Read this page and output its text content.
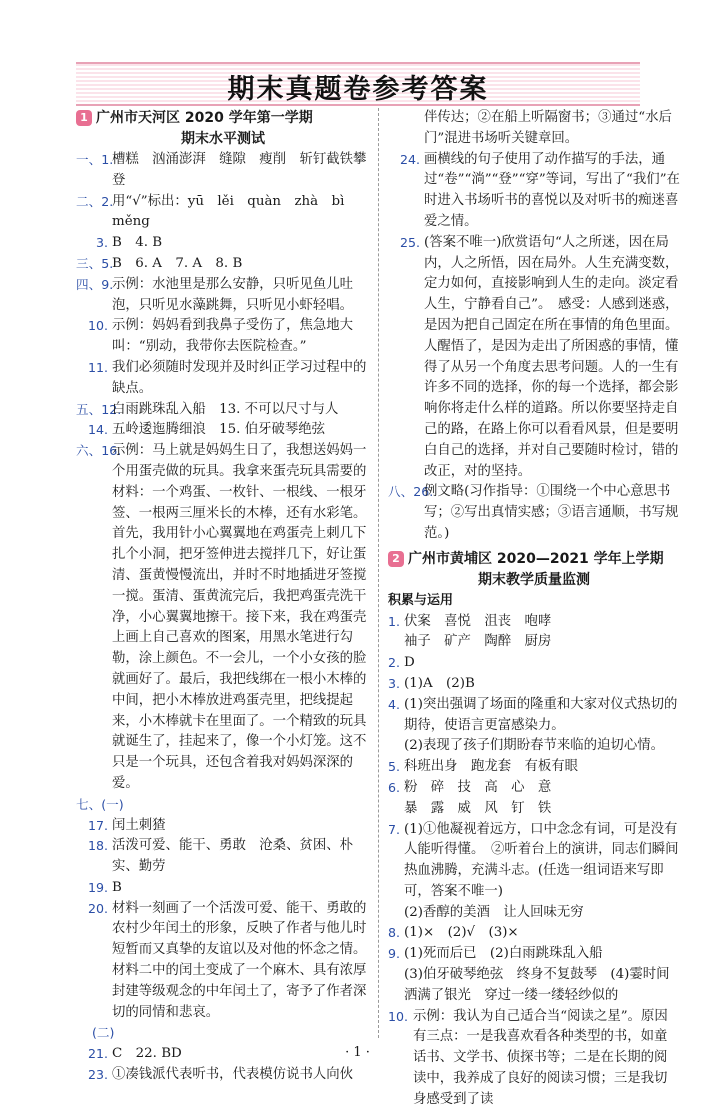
期末真题卷参考答案
1 广州市天河区 2020 学年第一学期
期末水平测试
一、1.
槽糕　汹涌澎湃　缝隙　瘦削　斩钉截铁攀登
二、2.
用“√”标出：yū　lěi　quàn　zhà　bì　měng
3. B　4. B
三、5.
B　6. A　7. A　8. B
四、9.
示例：水池里是那么安静，只听见鱼儿吐泡，只听见水藻跳舞，只听见小虾轻唱。
10. 示例：妈妈看到我鼻子受伤了，焦急地大叫：“别动，我带你去医院检查。”
11. 我们必须随时发现并及时纠正学习过程中的缺点。
五、12.
白雨跳珠乱入船　13. 不可以尺寸与人
14. 五岭逶迤腾细浪　15. 伯牙破琴绝弦
六、16.
示例：马上就是妈妈生日了，我想送妈妈一个用蛋壳做的玩具。我拿来蛋壳玩具需要的材料：一个鸡蛋、一枚针、一根线、一根牙签、一根两三厘米长的木棒，还有水彩笔。首先，我用针小心翼翼地在鸡蛋壳上刺几下扎个小洞，把牙签伸进去搅拌几下，好让蛋清、蛋黄慢慢流出，并时不时地插进牙签搅一搅。蛋清、蛋黄流完后，我把鸡蛋壳洗干净，小心翼翼地擦干。接下来，我在鸡蛋壳上画上自己喜欢的图案，用黑水笔进行勾勒，涂上颜色。不一会儿，一个小女孩的脸就画好了。最后，我把线绑在一根小木棒的中间，把小木棒放进鸡蛋壳里，把线提起来，小木棒就卡在里面了。一个精致的玩具就诞生了，挂起来了，像一个小灯笼。这不只是一个玩具，还包含着我对妈妈深深的爱。
七、(一)
17. 闰土刺猹
18. 活泼可爱、能干、勇敢　沧桑、贫困、朴实、勤劳
19. B
20. 材料一刻画了一个活泼可爱、能干、勇敢的农村少年闰土的形象，反映了作者与他儿时短暂而又真挚的友谊以及对他的怀念之情。
材料二中的闰土变成了一个麻木、具有浓厚封建等级观念的中年闰土了，寄予了作者深切的同情和悲哀。
(二)
21. C　22. BD
23. ①凑钱派代表听书，代表模仿说书人向伙
伴传达；②在船上听隔窗书；③通过“水后门”混进书场听关键章回。
24. 画横线的句子使用了动作描写的手法，通过“卷”“淌”“登”“穿”等词，写出了“我们”在时进入书场听书的喜悦以及对听书的痴迷喜爱之情。
25. (答案不唯一)欣赏语句“人之所迷，因在局内，人之所悟，因在局外。人生充满变数，定力如何，直接影响到人生的走向。淡定看人生，宁静看自己”。　感受：人感到迷惑，是因为把自己固定在所在事情的角色里面。人醒悟了，是因为走出了所困惑的事情，懂得了从另一个角度去思考问题。人的一生有许多不同的选择，你的每一个选择，都会影响你将走什么样的道路。所以你要坚持走自己的路，在路上你可以看看风景，但是要明白自己的选择，并对自己要随时检讨，错的改正，对的坚持。
八、26.
例文略(习作指导：①围绕一个中心意思书写；②写出真情实感；③语言通顺，书写规范。)
2 广州市黄埔区 2020—2021 学年上学期
期末教学质量监测
积累与运用
1. 伏案　喜悦　沮丧　咆哮
袖子　矿产　陶醉　厨房
2. D
3. (1)A　(2)B
4. (1)突出强调了场面的隆重和大家对仪式热切的期待，使语言更富感染力。
(2)表现了孩子们期盼春节来临的迫切心情。
5. 科班出身　跑龙套　有板有眼
6. 粉　碎　技　高　心　意
暴　露　威　风　钉　铁
7. (1)①他凝视着远方，口中念念有词，可是没有人能听得懂。　②听着台上的演讲，同志们瞬间热血沸腾，充满斗志。(任选一组词语来写即可，答案不唯一)
(2)香醇的美酒　让人回味无穷
8. (1)×　(2)√　(3)×
9. (1)死而后已　(2)白雨跳珠乱入船
(3)伯牙破琴绝弦　终身不复鼓琴　(4)霎时间洒满了银光　穿过一缕一缕轻纱似的
10. 示例：我认为自己适合当“阅读之星”。原因有三点：一是我喜欢看各种类型的书，如童话书、文学书、侦探书等；二是在长期的阅读中，我养成了良好的阅读习惯；三是我切身感受到了读
· 1 ·
